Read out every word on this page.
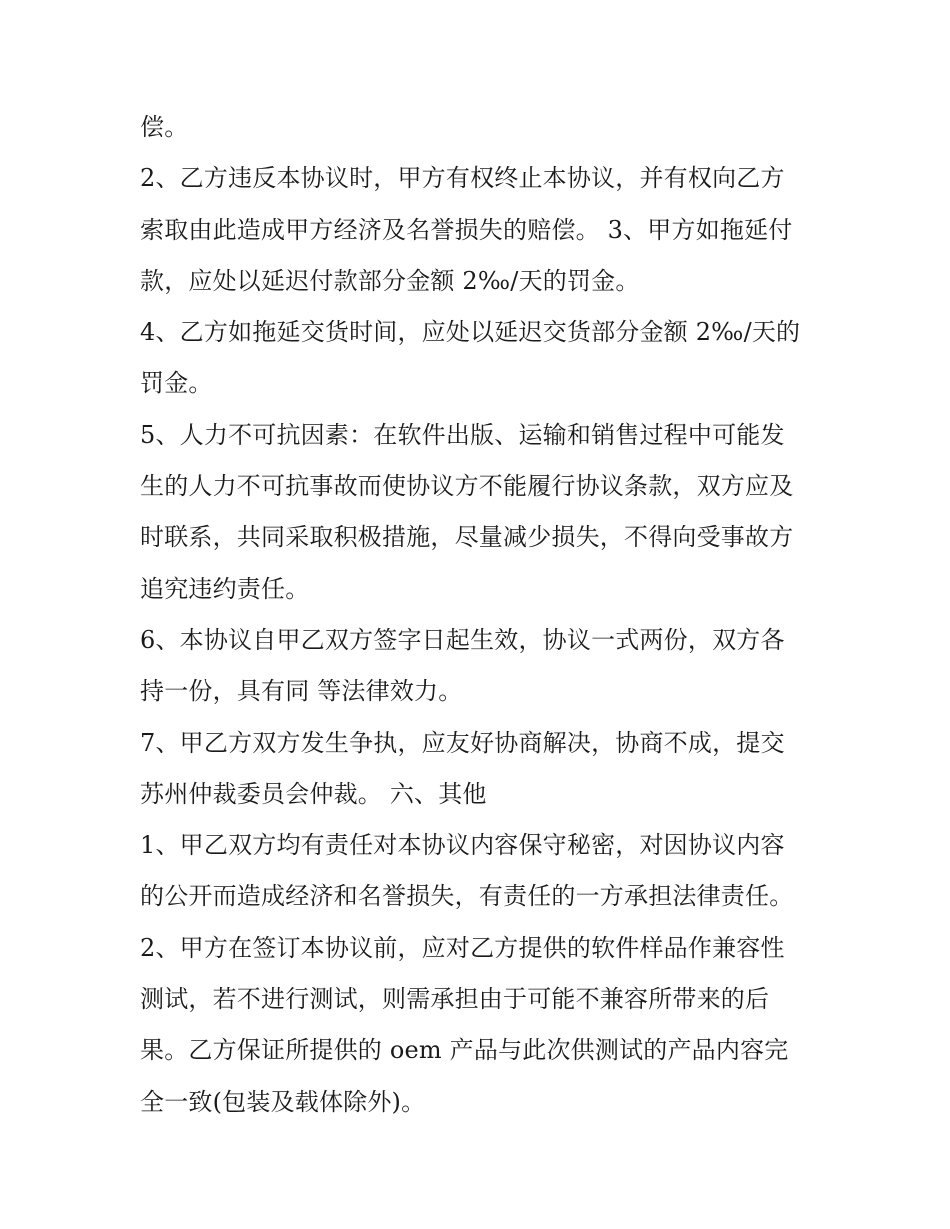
偿。
2、乙方违反本协议时，甲方有权终止本协议，并有权向乙方
索取由此造成甲方经济及名誉损失的赔偿。 3、甲方如拖延付
款，应处以延迟付款部分金额 2‰/天的罚金。
4、乙方如拖延交货时间，应处以延迟交货部分金额 2‰/天的
罚金。
5、人力不可抗因素：在软件出版、运输和销售过程中可能发
生的人力不可抗事故而使协议方不能履行协议条款，双方应及
时联系，共同采取积极措施，尽量减少损失，不得向受事故方
追究违约责任。
6、本协议自甲乙双方签字日起生效，协议一式两份，双方各
持一份，具有同 等法律效力。
7、甲乙方双方发生争执，应友好协商解决，协商不成，提交
苏州仲裁委员会仲裁。 六、其他
1、甲乙双方均有责任对本协议内容保守秘密，对因协议内容
的公开而造成经济和名誉损失，有责任的一方承担法律责任。
2、甲方在签订本协议前，应对乙方提供的软件样品作兼容性
测试，若不进行测试，则需承担由于可能不兼容所带来的后
果。乙方保证所提供的 oem 产品与此次供测试的产品内容完
全一致(包装及载体除外)。
